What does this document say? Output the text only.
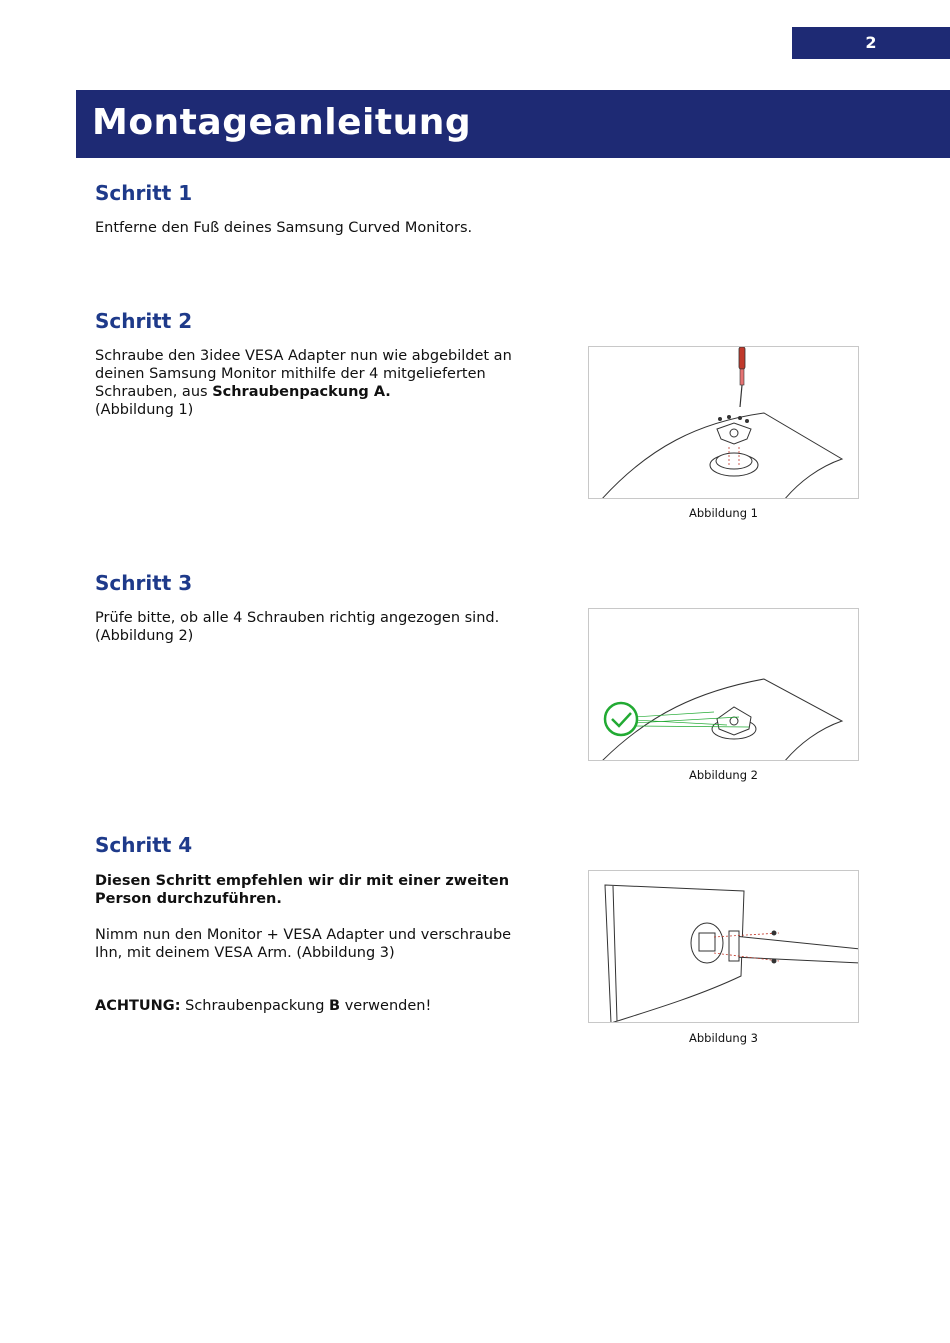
2
Montageanleitung
Schritt 1

Entferne den Fuß deines Samsung Curved Monitors.

Schritt 2

Schraube den 3idee VESA Adapter nun wie abgebildet an deinen Samsung Monitor mithilfe der 4 mitgelieferten Schrauben, aus Schraubenpackung A.
(Abbildung 1)

Abbildung 1

Schritt 3

Prüfe bitte, ob alle 4 Schrauben richtig angezogen sind.
(Abbildung 2)

Abbildung 2

Schritt 4

Diesen Schritt empfehlen wir dir mit einer zweiten Person durchzuführen.

Nimm nun den Monitor + VESA Adapter und verschraube Ihn, mit deinem VESA Arm. (Abbildung 3)

ACHTUNG: Schraubenpackung B verwenden!

Abbildung 3
